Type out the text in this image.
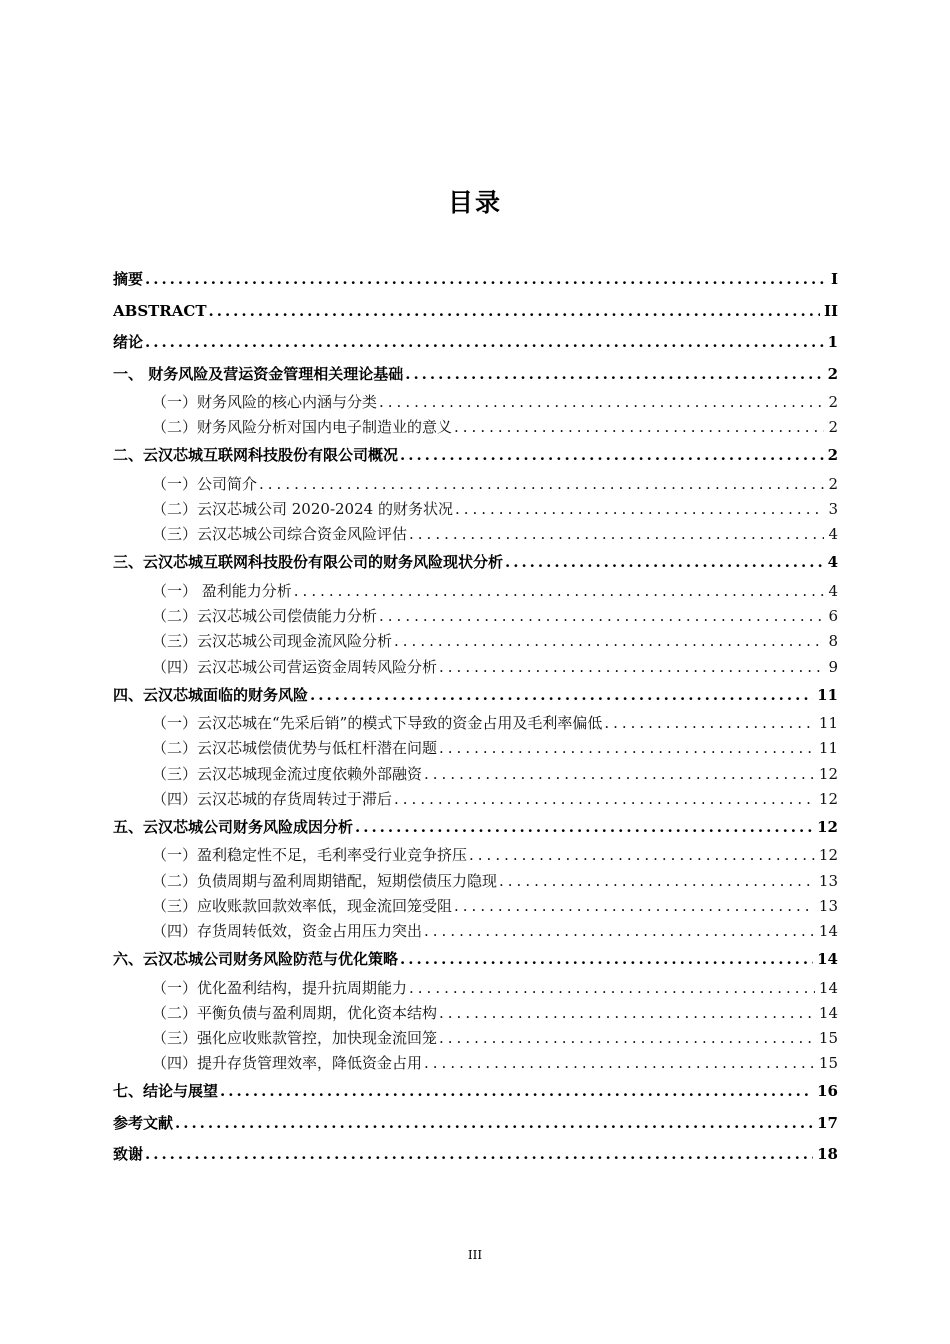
目录
摘要 .....	I
ABSTRACT .....	II
绪论 .....	1
一、 财务风险及营运资金管理相关理论基础 .....	2
（一）财务风险的核心内涵与分类 .....	2
（二）财务风险分析对国内电子制造业的意义 .....	2
二、云汉芯城互联网科技股份有限公司概况 .....	2
（一）公司简介 .....	2
（二）云汉芯城公司 2020-2024 的财务状况 .....	3
（三）云汉芯城公司综合资金风险评估 .....	4
三、云汉芯城互联网科技股份有限公司的财务风险现状分析 .....	4
（一） 盈利能力分析 .....	4
（二）云汉芯城公司偿债能力分析 .....	6
（三）云汉芯城公司现金流风险分析 .....	8
（四）云汉芯城公司营运资金周转风险分析 .....	9
四、云汉芯城面临的财务风险 .....	11
（一）云汉芯城在“先采后销”的模式下导致的资金占用及毛利率偏低 .....	11
（二）云汉芯城偿债优势与低杠杆潜在问题 .....	11
（三）云汉芯城现金流过度依赖外部融资 .....	12
（四）云汉芯城的存货周转过于滞后 .....	12
五、云汉芯城公司财务风险成因分析 .....	12
（一）盈利稳定性不足，毛利率受行业竞争挤压 .....	12
（二）负债周期与盈利周期错配，短期偿债压力隐现 .....	13
（三）应收账款回款效率低，现金流回笼受阻 .....	13
（四）存货周转低效，资金占用压力突出 .....	14
六、云汉芯城公司财务风险防范与优化策略 .....	14
（一）优化盈利结构，提升抗周期能力 .....	14
（二）平衡负债与盈利周期，优化资本结构 .....	14
（三）强化应收账款管控，加快现金流回笼 .....	15
（四）提升存货管理效率，降低资金占用 .....	15
七、结论与展望 .....	16
参考文献 .....	17
致谢 .....	18
III
